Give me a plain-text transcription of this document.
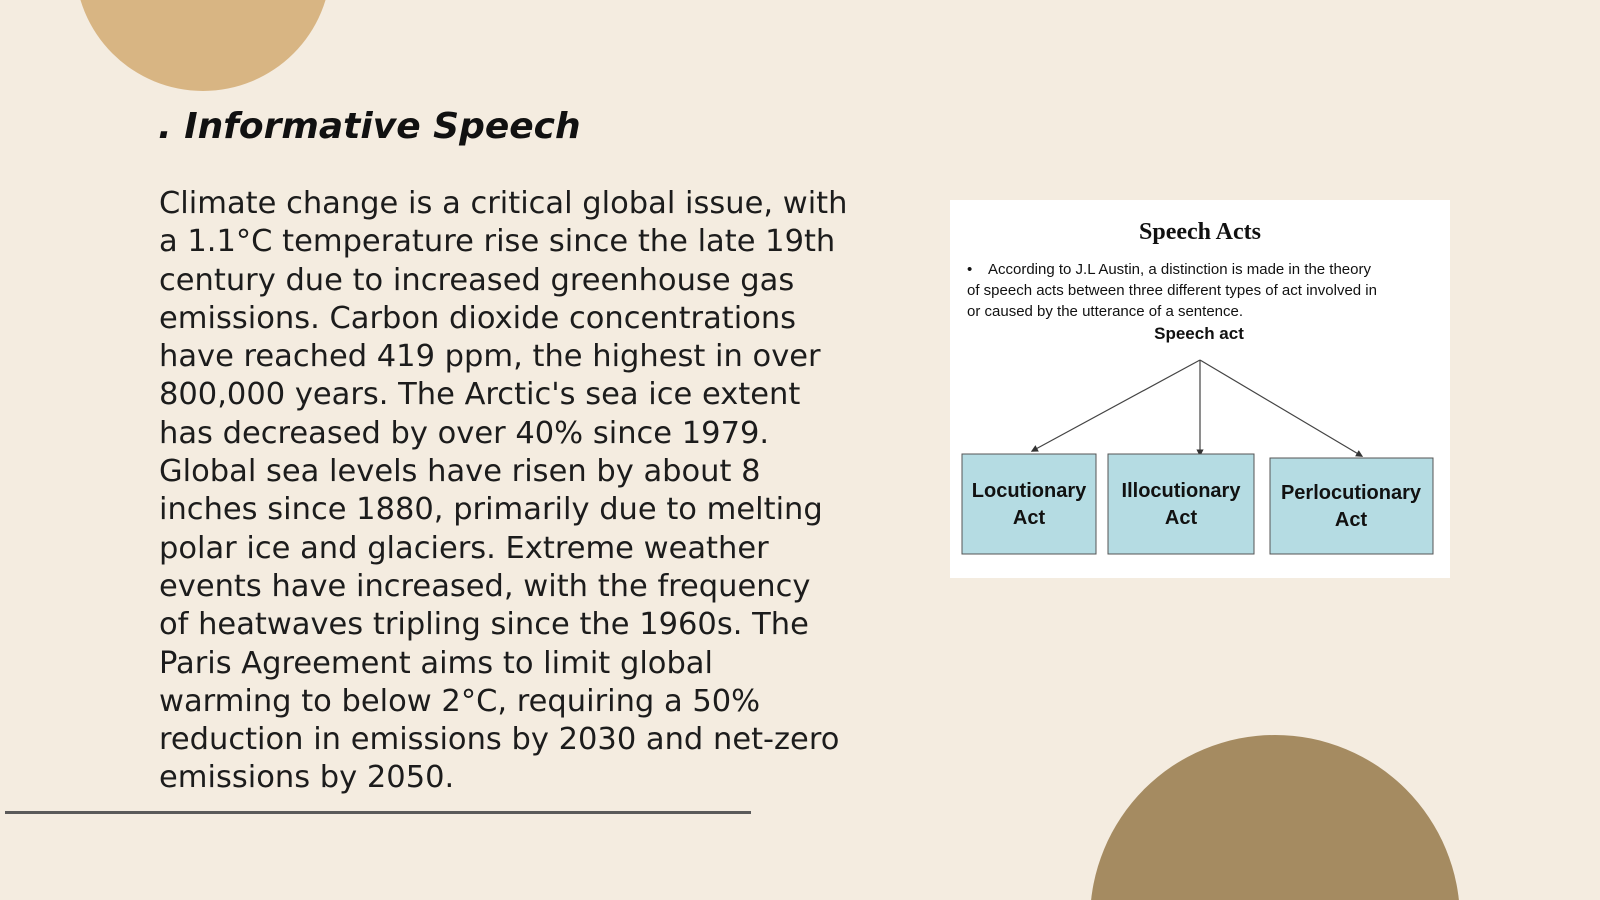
. Informative Speech

Climate change is a critical global issue, with a 1.1°C temperature rise since the late 19th century due to increased greenhouse gas emissions. Carbon dioxide concentrations have reached 419 ppm, the highest in over 800,000 years. The Arctic's sea ice extent has decreased by over 40% since 1979. Global sea levels have risen by about 8 inches since 1880, primarily due to melting polar ice and glaciers. Extreme weather events have increased, with the frequency of heatwaves tripling since the 1960s. The Paris Agreement aims to limit global warming to below 2°C, requiring a 50% reduction in emissions by 2030 and net-zero emissions by 2050.

Speech Acts
• According to J.L Austin, a distinction is made in the theory
of speech acts between three different types of act involved in
or caused by the utterance of a sentence.
Speech act
Locutionary
Act
Illocutionary
Act
Perlocutionary
Act
